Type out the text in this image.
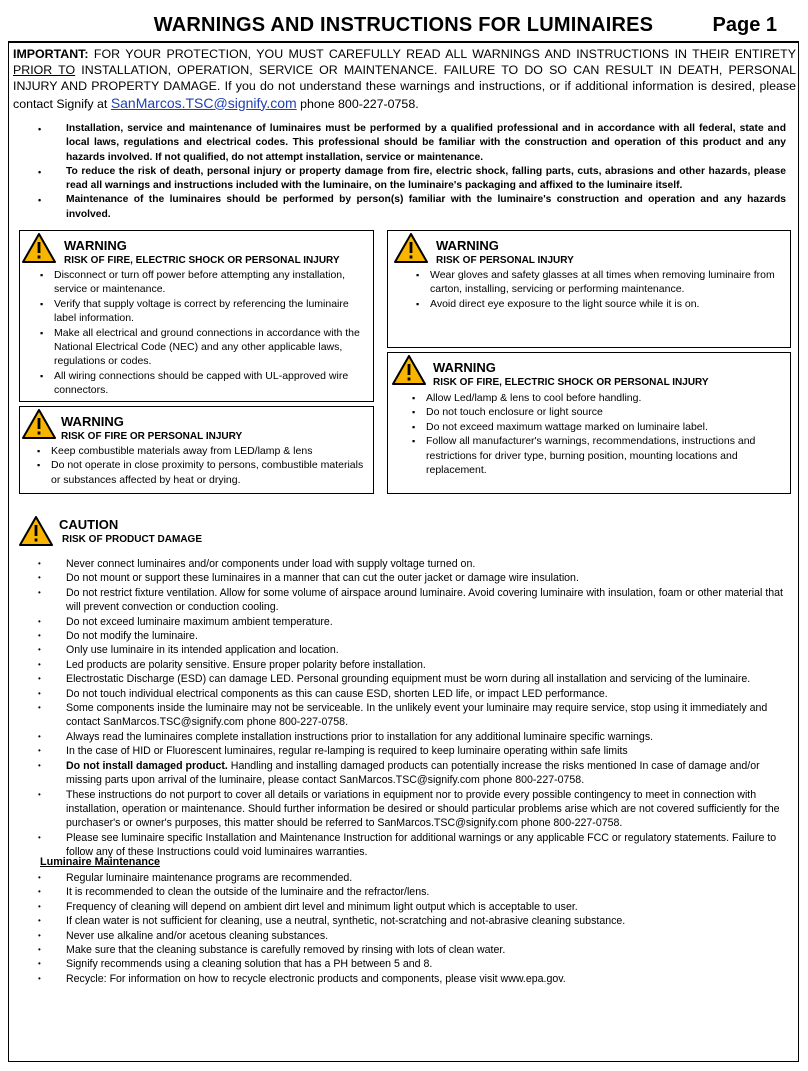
WARNINGS AND INSTRUCTIONS FOR LUMINAIRES	Page 1
IMPORTANT: FOR YOUR PROTECTION, YOU MUST CAREFULLY READ ALL WARNINGS AND INSTRUCTIONS IN THEIR ENTIRETY PRIOR TO INSTALLATION, OPERATION, SERVICE OR MAINTENANCE. FAILURE TO DO SO CAN RESULT IN DEATH, PERSONAL INJURY AND PROPERTY DAMAGE. If you do not understand these warnings and instructions, or if additional information is desired, please contact Signify at SanMarcos.TSC@signify.com phone 800-227-0758.
• Installation, service and maintenance of luminaires must be performed by a qualified professional and in accordance with all federal, state and local laws, regulations and electrical codes. This professional should be familiar with the construction and operation of this product and any hazards involved. If not qualified, do not attempt installation, service or maintenance.
• To reduce the risk of death, personal injury or property damage from fire, electric shock, falling parts, cuts, abrasions and other hazards, please read all warnings and instructions included with the luminaire, on the luminaire's packaging and affixed to the luminaire itself.
• Maintenance of the luminaires should be performed by person(s) familiar with the luminaire's construction and operation and any hazards involved.
WARNING
RISK OF FIRE, ELECTRIC SHOCK OR PERSONAL INJURY
▪ Disconnect or turn off power before attempting any installation, service or maintenance.
▪ Verify that supply voltage is correct by referencing the luminaire label information.
▪ Make all electrical and ground connections in accordance with the National Electrical Code (NEC) and any other applicable laws, regulations or codes.
▪ All wiring connections should be capped with UL-approved wire connectors.
WARNING
RISK OF FIRE OR PERSONAL INJURY
▪ Keep combustible materials away from LED/lamp & lens
▪ Do not operate in close proximity to persons, combustible materials or substances affected by heat or drying.
WARNING
RISK OF PERSONAL INJURY
▪ Wear gloves and safety glasses at all times when removing luminaire from carton, installing, servicing or performing maintenance.
▪ Avoid direct eye exposure to the light source while it is on.
WARNING
RISK OF FIRE, ELECTRIC SHOCK OR PERSONAL INJURY
▪ Allow Led/lamp & lens to cool before handling.
▪ Do not touch enclosure or light source
▪ Do not exceed maximum wattage marked on luminaire label.
▪ Follow all manufacturer's warnings, recommendations, instructions and restrictions for driver type, burning position, mounting locations and replacement.
CAUTION
RISK OF PRODUCT DAMAGE
• Never connect luminaires and/or components under load with supply voltage turned on.
• Do not mount or support these luminaires in a manner that can cut the outer jacket or damage wire insulation.
• Do not restrict fixture ventilation. Allow for some volume of airspace around luminaire. Avoid covering luminaire with insulation, foam or other material that will prevent convection or conduction cooling.
• Do not exceed luminaire maximum ambient temperature.
• Do not modify the luminaire.
• Only use luminaire in its intended application and location.
• Led products are polarity sensitive. Ensure proper polarity before installation.
• Electrostatic Discharge (ESD) can damage LED. Personal grounding equipment must be worn during all installation and servicing of the luminaire.
• Do not touch individual electrical components as this can cause ESD, shorten LED life, or impact LED performance.
• Some components inside the luminaire may not be serviceable. In the unlikely event your luminaire may require service, stop using it immediately and contact SanMarcos.TSC@signify.com phone 800-227-0758.
• Always read the luminaires complete installation instructions prior to installation for any additional luminaire specific warnings.
• In the case of HID or Fluorescent luminaires, regular re-lamping is required to keep luminaire operating within safe limits
• Do not install damaged product. Handling and installing damaged products can potentially increase the risks mentioned In case of damage and/or missing parts upon arrival of the luminaire, please contact SanMarcos.TSC@signify.com phone 800-227-0758.
• These instructions do not purport to cover all details or variations in equipment nor to provide every possible contingency to meet in connection with installation, operation or maintenance. Should further information be desired or should particular problems arise which are not covered sufficiently for the purchaser's or owner's purposes, this matter should be referred to SanMarcos.TSC@signify.com phone 800-227-0758.
• Please see luminaire specific Installation and Maintenance Instruction for additional warnings or any applicable FCC or regulatory statements. Failure to follow any of these Instructions could void luminaires warranties.
Luminaire Maintenance
• Regular luminaire maintenance programs are recommended.
• It is recommended to clean the outside of the luminaire and the refractor/lens.
• Frequency of cleaning will depend on ambient dirt level and minimum light output which is acceptable to user.
• If clean water is not sufficient for cleaning, use a neutral, synthetic, not-scratching and not-abrasive cleaning substance.
• Never use alkaline and/or acetous cleaning substances.
• Make sure that the cleaning substance is carefully removed by rinsing with lots of clean water.
• Signify recommends using a cleaning solution that has a PH between 5 and 8.
• Recycle: For information on how to recycle electronic products and components, please visit www.epa.gov.
